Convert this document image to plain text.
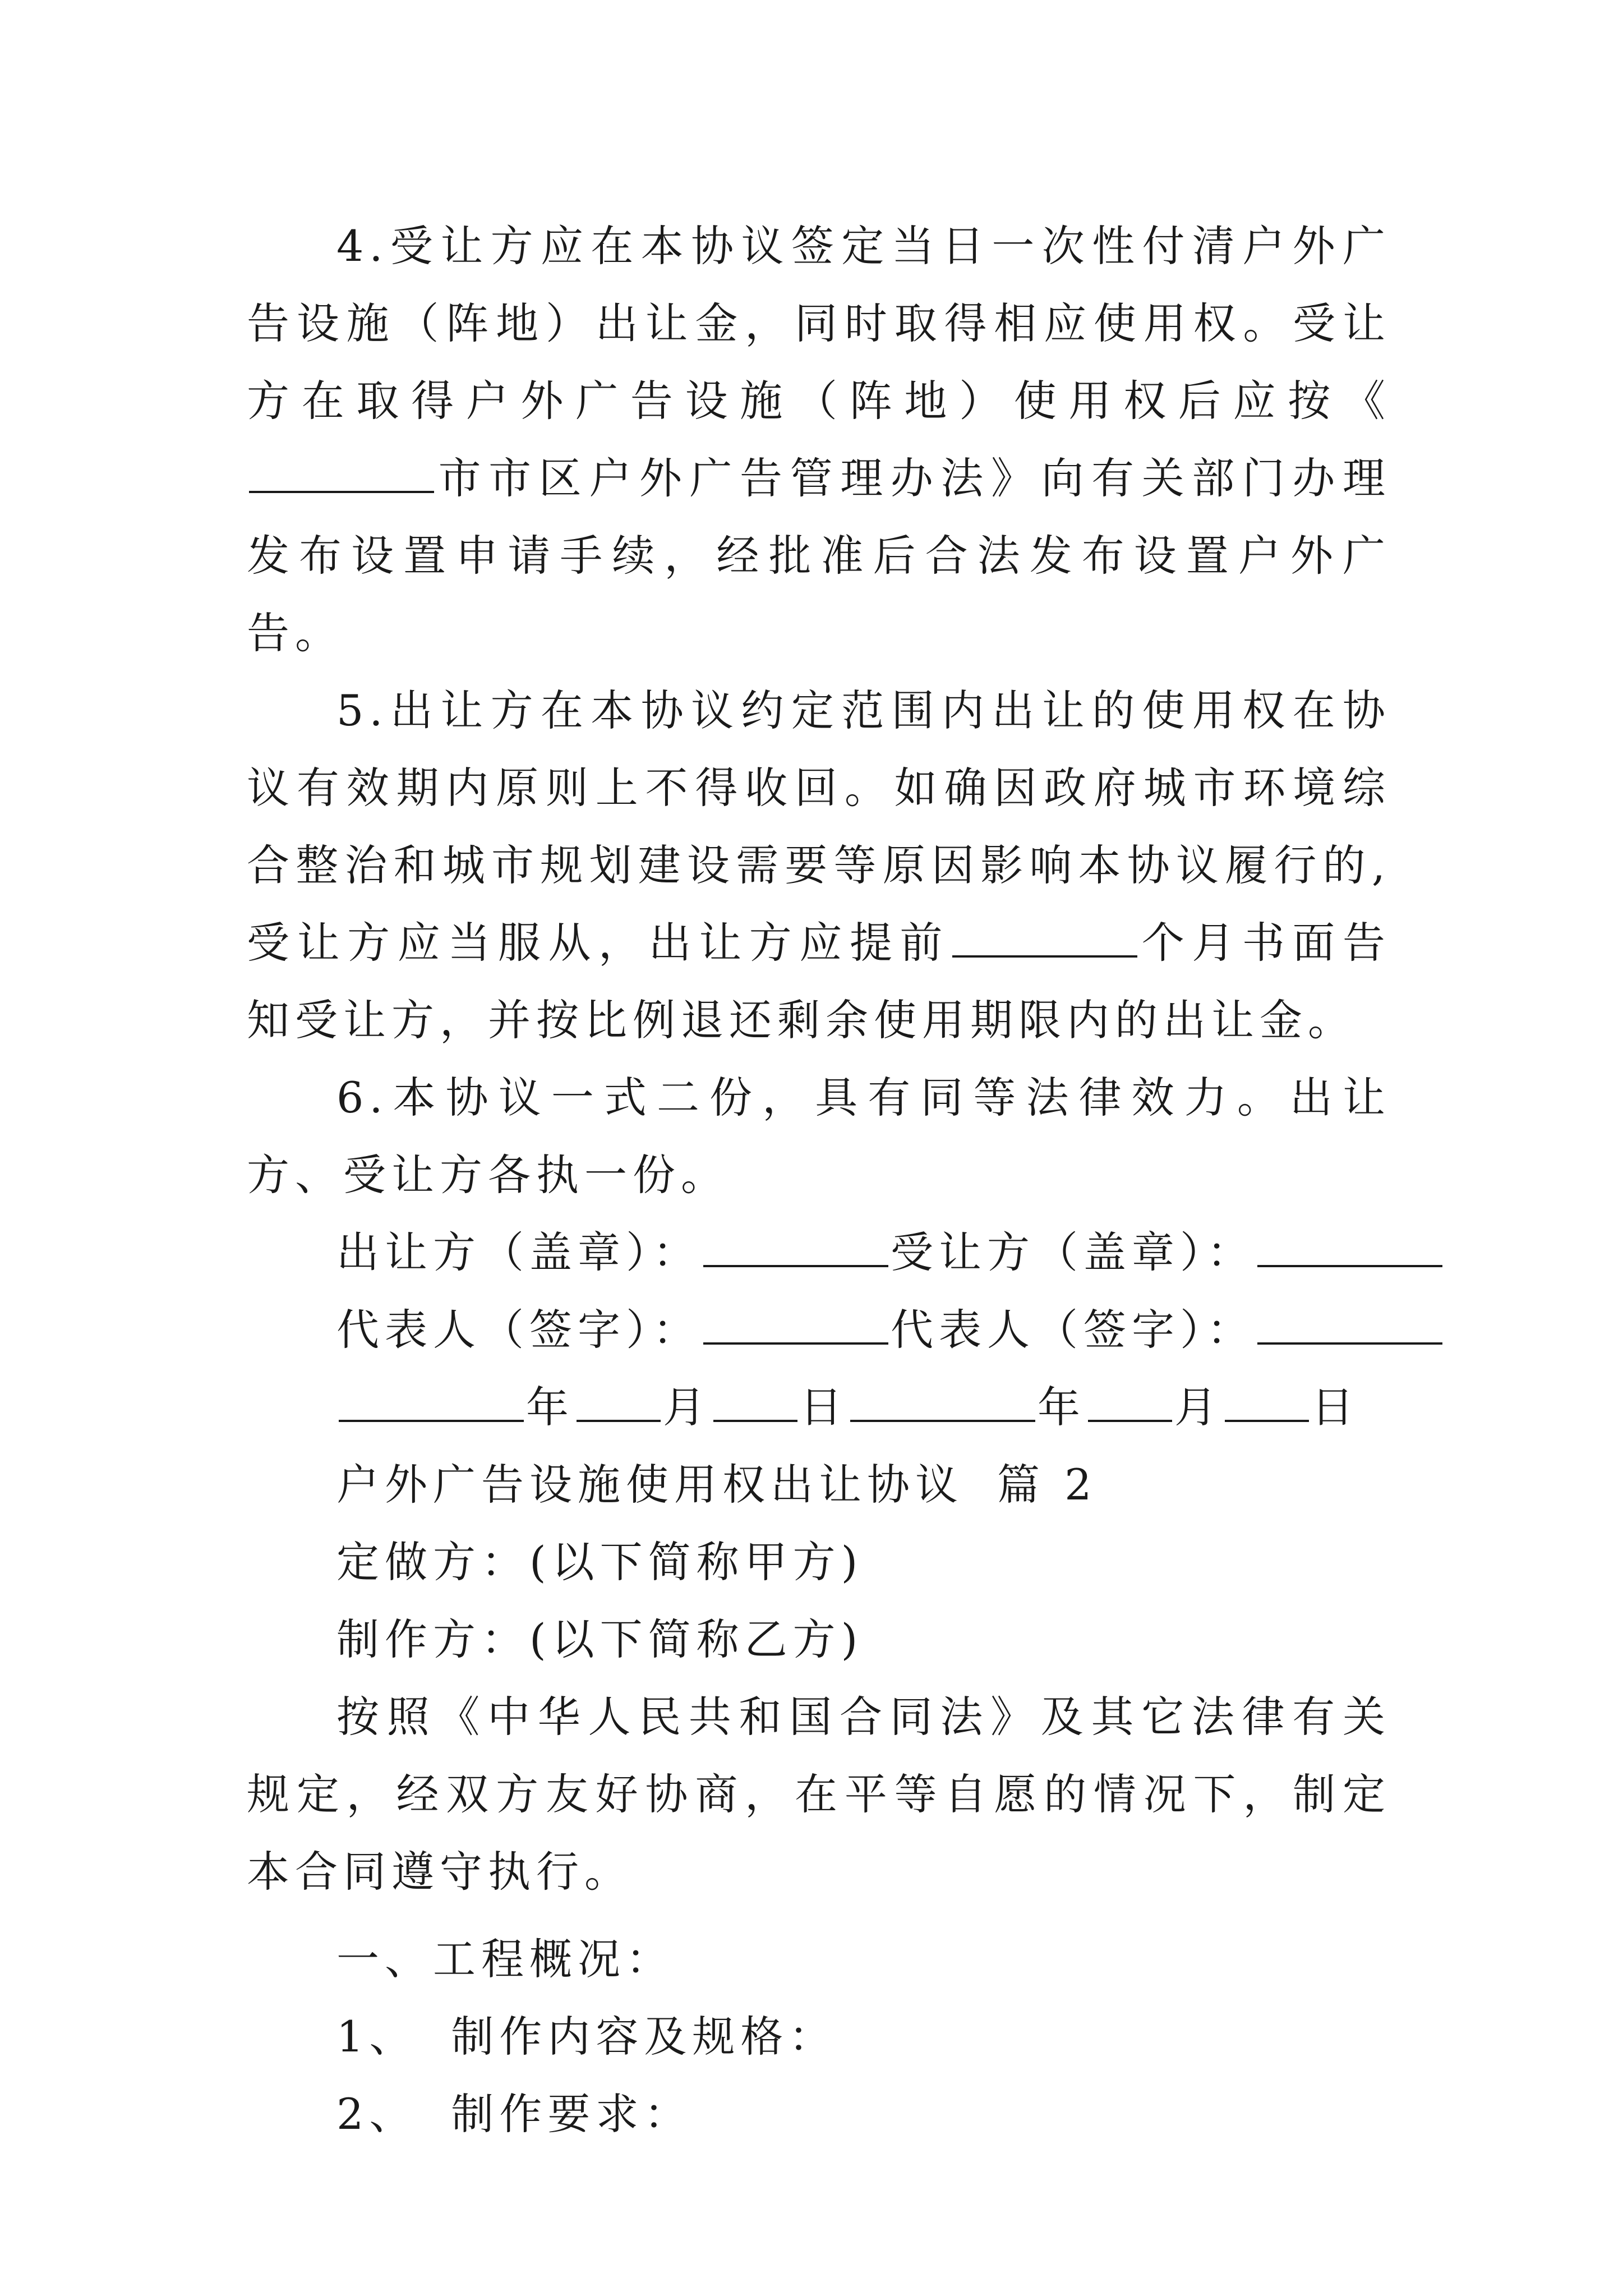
4.受让方应在本协议签定当日一次性付清户外广告设施（阵地）出让金，同时取得相应使用权。受让方在取得户外广告设施（阵地）使用权后应按《市市区户外广告管理办法》向有关部门办理发布设置申请手续，经批准后合法发布设置户外广告。

5.出让方在本协议约定范围内出让的使用权在协议有效期内原则上不得收回。如确因政府城市环境综合整治和城市规划建设需要等原因影响本协议履行的,受让方应当服从，出让方应提前	个月书面告知受让方，并按比例退还剩余使用期限内的出让金。

6.本协议一式二份，具有同等法律效力。出让方、受让方各执一份。

出让方（盖章）：	受让方（盖章）：

代表人（签字）：	代表人（签字）：

年 月 日	年 月 日

户外广告设施使用权出让协议 篇 2

定做方：(以下简称甲方)

制作方：(以下简称乙方)

按照《中华人民共和国合同法》及其它法律有关规定，经双方友好协商，在平等自愿的情况下，制定本合同遵守执行。

一、工程概况：

1、 制作内容及规格：

2、 制作要求：
